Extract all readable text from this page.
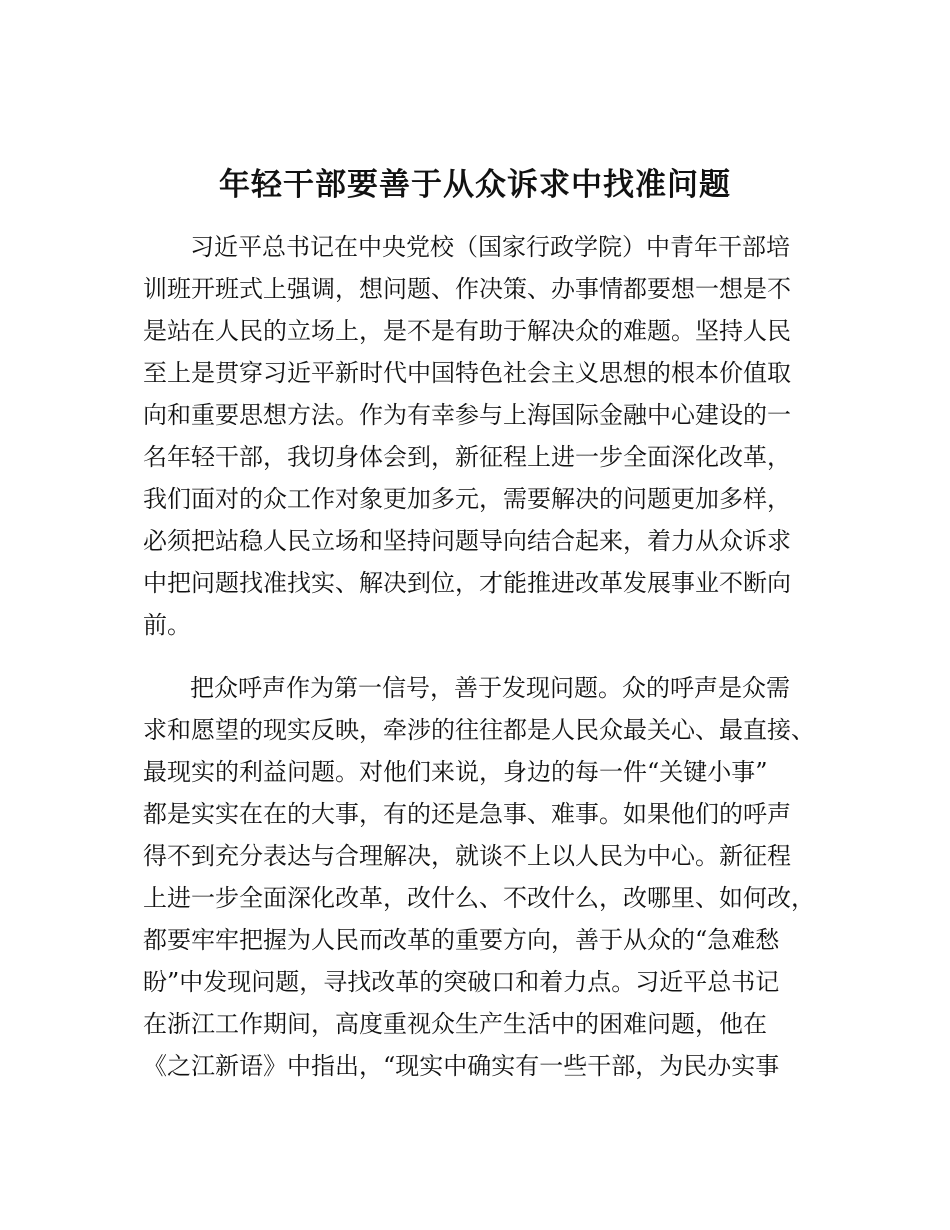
年轻干部要善于从众诉求中找准问题
习近平总书记在中央党校（国家行政学院）中青年干部培
训班开班式上强调，想问题、作决策、办事情都要想一想是不
是站在人民的立场上，是不是有助于解决众的难题。坚持人民
至上是贯穿习近平新时代中国特色社会主义思想的根本价值取
向和重要思想方法。作为有幸参与上海国际金融中心建设的一
名年轻干部，我切身体会到，新征程上进一步全面深化改革，
我们面对的众工作对象更加多元，需要解决的问题更加多样，
必须把站稳人民立场和坚持问题导向结合起来，着力从众诉求
中把问题找准找实、解决到位，才能推进改革发展事业不断向
前。
把众呼声作为第一信号，善于发现问题。众的呼声是众需
求和愿望的现实反映，牵涉的往往都是人民众最关心、最直接、
最现实的利益问题。对他们来说，身边的每一件“关键小事”
都是实实在在的大事，有的还是急事、难事。如果他们的呼声
得不到充分表达与合理解决，就谈不上以人民为中心。新征程
上进一步全面深化改革，改什么、不改什么，改哪里、如何改，
都要牢牢把握为人民而改革的重要方向，善于从众的“急难愁
盼”中发现问题，寻找改革的突破口和着力点。习近平总书记
在浙江工作期间，高度重视众生产生活中的困难问题，他在
《之江新语》中指出，“现实中确实有一些干部，为民办实事
